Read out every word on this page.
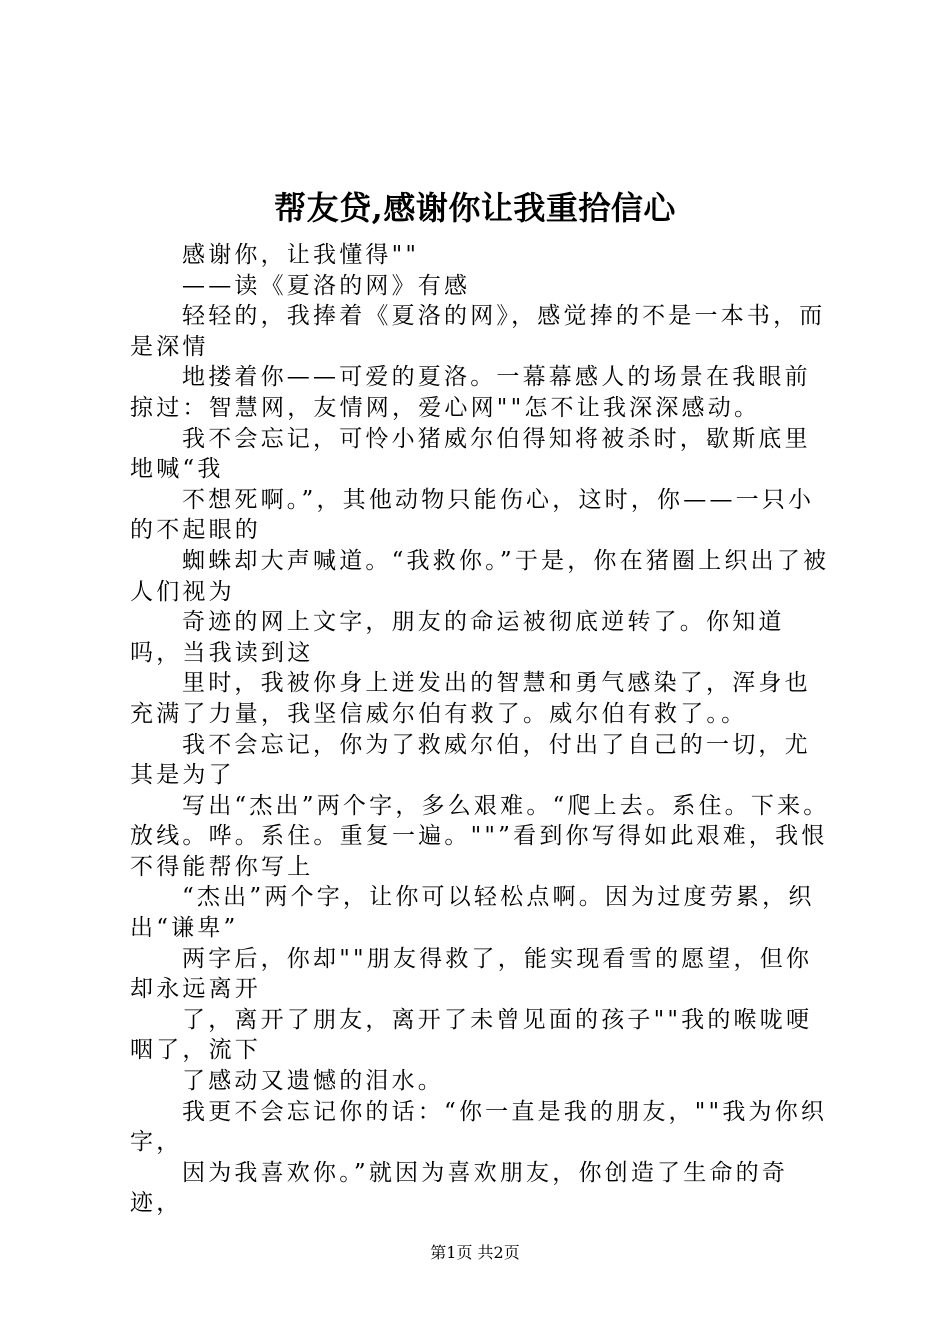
帮友贷,感谢你让我重拾信心

感谢你，让我懂得""

——读《夏洛的网》有感

轻轻的，我捧着《夏洛的网》，感觉捧的不是一本书，而是深情

地搂着你——可爱的夏洛。一幕幕感人的场景在我眼前掠过：智慧网，友情网，爱心网""怎不让我深深感动。

我不会忘记，可怜小猪威尔伯得知将被杀时，歇斯底里地喊“我

不想死啊。”，其他动物只能伤心，这时，你——一只小的不起眼的

蜘蛛却大声喊道。“我救你。”于是，你在猪圈上织出了被人们视为

奇迹的网上文字，朋友的命运被彻底逆转了。你知道吗，当我读到这

里时，我被你身上迸发出的智慧和勇气感染了，浑身也充满了力量，我坚信威尔伯有救了。威尔伯有救了。。

我不会忘记，你为了救威尔伯，付出了自己的一切，尤其是为了

写出“杰出”两个字，多么艰难。“爬上去。系住。下来。放线。哗。系住。重复一遍。""”看到你写得如此艰难，我恨不得能帮你写上

“杰出”两个字，让你可以轻松点啊。因为过度劳累，织出“谦卑”

两字后，你却""朋友得救了，能实现看雪的愿望，但你却永远离开

了，离开了朋友，离开了未曾见面的孩子""我的喉咙哽咽了，流下

了感动又遗憾的泪水。

我更不会忘记你的话：“你一直是我的朋友，""我为你织字，

因为我喜欢你。”就因为喜欢朋友，你创造了生命的奇迹，

第1页 共2页
